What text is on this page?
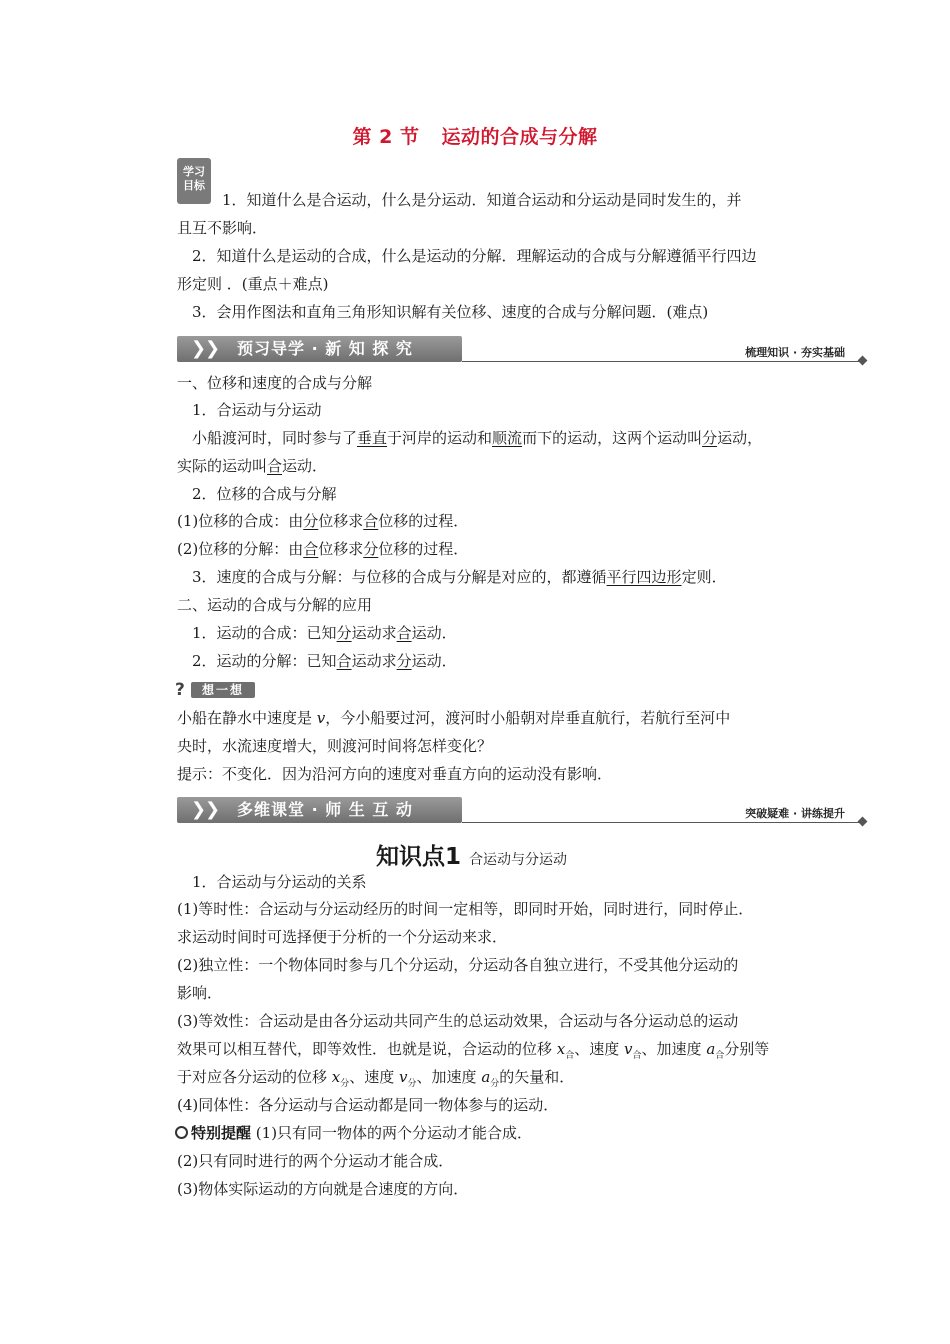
第 2 节 运动的合成与分解
学习
目标
1．知道什么是合运动，什么是分运动．知道合运动和分运动是同时发生的，并
且互不影响．
2．知道什么是运动的合成，什么是运动的分解．理解运动的合成与分解遵循平行四边
形定则 ．(重点＋难点)
3．会用作图法和直角三角形知识解有关位移、速度的合成与分解问题．(难点)
❯
❯ 预习导学 · 新 知 探 究	梳理知识 · 夯实基础
一、位移和速度的合成与分解
1．合运动与分运动
小船渡河时，同时参与了垂直于河岸的运动和顺流而下的运动，这两个运动叫分运动，
实际的运动叫合运动．
2．位移的合成与分解
(1)位移的合成：由分位移求合位移的过程．
(2)位移的分解：由合位移求分位移的过程．
3．速度的合成与分解：与位移的合成与分解是对应的，都遵循平行四边形定则．
二、运动的合成与分解的应用
1．运动的合成：已知分运动求合运动．
2．运动的分解：已知合运动求分运动．
?	想一想
小船在静水中速度是 v，今小船要过河，渡河时小船朝对岸垂直航行，若航行至河中
央时，水流速度增大，则渡河时间将怎样变化？
提示：不变化．因为沿河方向的速度对垂直方向的运动没有影响．
❯
❯ 多维课堂 · 师 生 互 动	突破疑难 · 讲练提升
知识点1 合运动与分运动
1．合运动与分运动的关系
(1)等时性：合运动与分运动经历的时间一定相等，即同时开始，同时进行，同时停止．
求运动时间时可选择便于分析的一个分运动来求．
(2)独立性：一个物体同时参与几个分运动，分运动各自独立进行，不受其他分运动的
影响．
(3)等效性：合运动是由各分运动共同产生的总运动效果，合运动与各分运动总的运动
效果可以相互替代，即等效性．也就是说，合运动的位移 $x_合$、速度 $v_合$、加速度 $a_合$分别等
于对应各分运动的位移 $x_分$、速度 $v_分$、加速度 $a_分$的矢量和．
(4)同体性：各分运动与合运动都是同一物体参与的运动．
特别提醒 (1)只有同一物体的两个分运动才能合成．
(2)只有同时进行的两个分运动才能合成．
(3)物体实际运动的方向就是合速度的方向．
